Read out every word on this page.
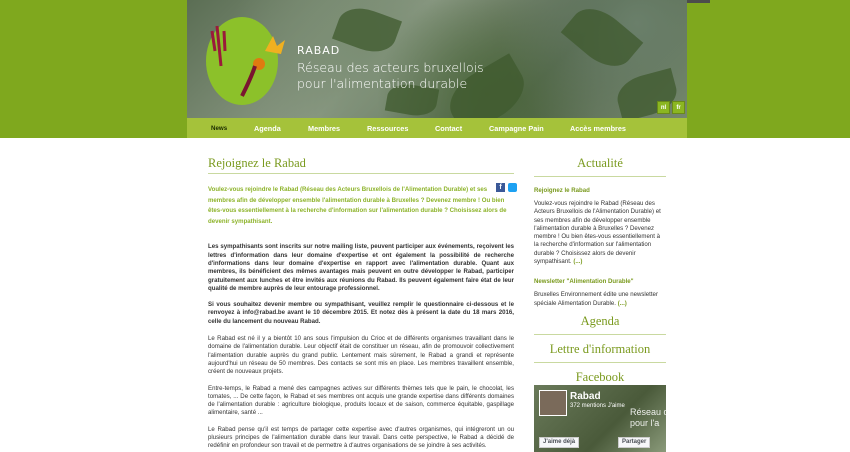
RABAD
Réseau des acteurs bruxellois
pour l'alimentation durable
nl	fr
News	Agenda	Membres	Ressources	Contact	Campagne Pain	Accès membres
Rejoignez le Rabad
f
Voulez-vous rejoindre le Rabad (Réseau des Acteurs Bruxellois de l'Alimentation Durable) et ses membres afin de développer ensemble l'alimentation durable à Bruxelles ? Devenez membre ! Ou bien êtes-vous essentiellement à la recherche d'information sur l'alimentation durable ? Choisissez alors de devenir sympathisant.
Les sympathisants sont inscrits sur notre mailing liste, peuvent participer aux événements, reçoivent les lettres d'information dans leur domaine d'expertise et ont également la possibilité de recherche d'informations dans leur domaine d'expertise en rapport avec l'alimentation durable. Quant aux membres, ils bénéficient des mêmes avantages mais peuvent en outre développer le Rabad, participer gratuitement aux lunches et être invités aux réunions du Rabad. Ils peuvent également faire état de leur qualité de membre auprès de leur entourage professionnel.
Si vous souhaitez devenir membre ou sympathisant, veuillez remplir le questionnaire ci-dessous et le renvoyez à info@rabad.be avant le 10 décembre 2015. Et notez dès à présent la date du 18 mars 2016, celle du lancement du nouveau Rabad.
Le Rabad est né il y a bientôt 10 ans sous l'impulsion du Crioc et de différents organismes travaillant dans le domaine de l'alimentation durable. Leur objectif était de constituer un réseau, afin de promouvoir collectivement l'alimentation durable auprès du grand public. Lentement mais sûrement, le Rabad a grandi et représente aujourd'hui un réseau de 50 membres. Des contacts se sont mis en place. Les membres travaillent ensemble, créent de nouveaux projets.
Entre-temps, le Rabad a mené des campagnes actives sur différents thèmes tels que le pain, le chocolat, les tomates, ... De cette façon, le Rabad et ses membres ont acquis une grande expertise dans différents domaines de l'alimentation durable : agriculture biologique, produits locaux et de saison, commerce équitable, gaspillage alimentaire, santé ...
Le Rabad pense qu'il est temps de partager cette expertise avec d'autres organismes, qui intégreront un ou plusieurs principes de l'alimentation durable dans leur travail. Dans cette perspective, le Rabad a décidé de redéfinir en profondeur son travail et de permettre à d'autres organisations de se joindre à ses activités.
Actualité
Rejoignez le Rabad
Voulez-vous rejoindre le Rabad (Réseau des Acteurs Bruxellois de l'Alimentation Durable) et ses membres afin de développer ensemble l'alimentation durable à Bruxelles ? Devenez membre ! Ou bien êtes-vous essentiellement à la recherche d'information sur l'alimentation durable ? Choisissez alors de devenir sympathisant. (...)
Newsletter "Alimentation Durable"
Bruxelles Environnement édite une newsletter spéciale Alimentation Durable. (...)
Agenda
Lettre d'information
Facebook
Rabad
372 mentions J'aime
Réseau de
pour l'a
J'aime déjà	Partager
